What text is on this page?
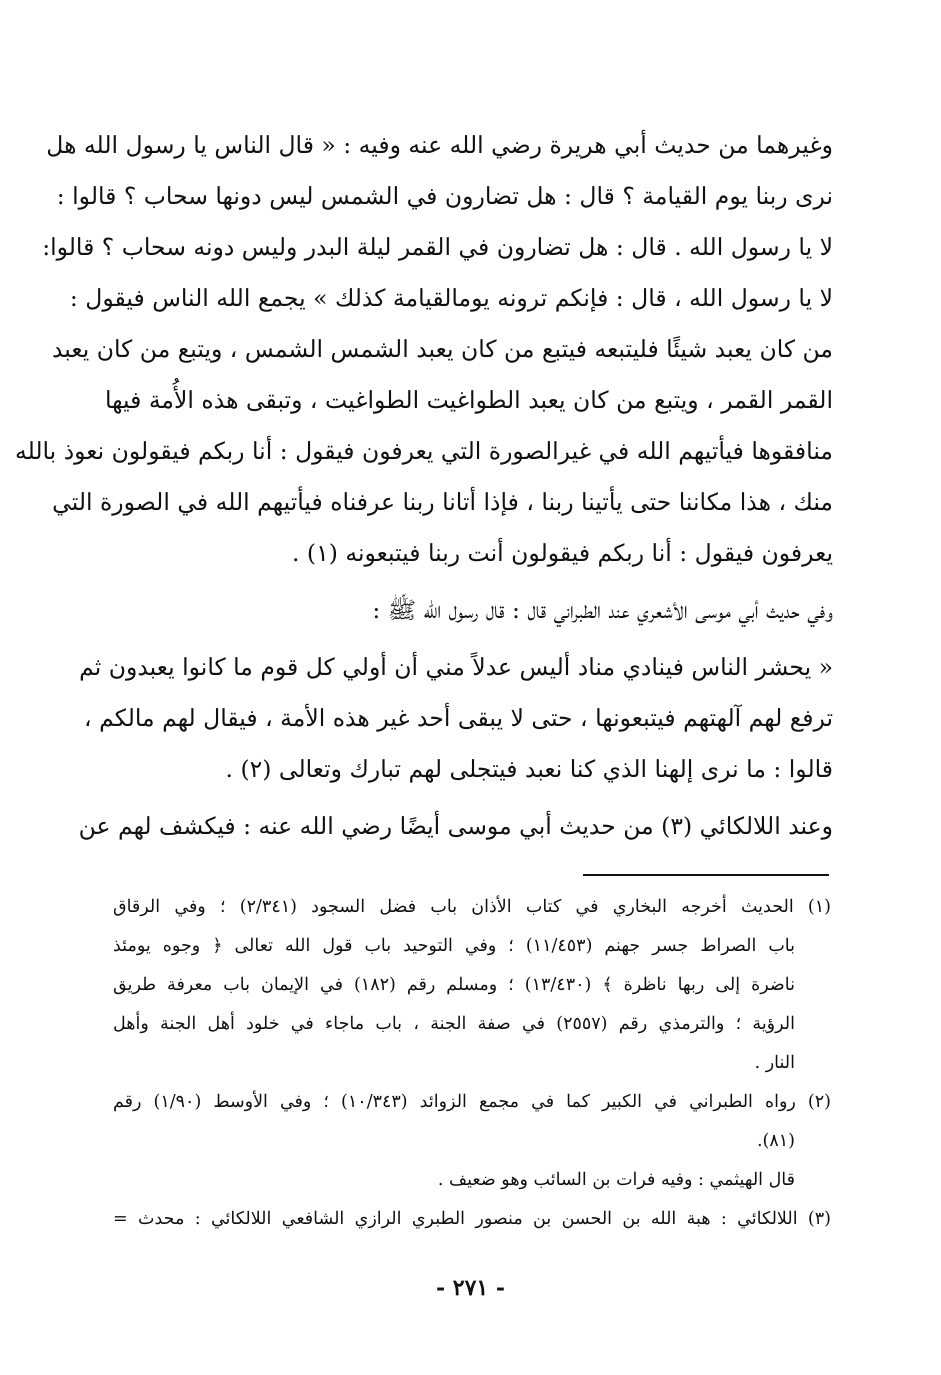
وغيرهما من حديث أبي هريرة رضي الله عنه وفيه : « قال الناس يا رسول الله هل
نرى ربنا يوم القيامة ؟ قال : هل تضارون في الشمس ليس دونها سحاب ؟ قالوا :
لا يا رسول الله . قال : هل تضارون في القمر ليلة البدر وليس دونه سحاب ؟ قالوا:
لا يا رسول الله ، قال : فإنكم ترونه يومالقيامة كذلك » يجمع الله الناس فيقول :
من كان يعبد شيئًا فليتبعه فيتبع من كان يعبد الشمس الشمس ، ويتبع من كان يعبد
القمر القمر ، ويتبع من كان يعبد الطواغيت الطواغيت ، وتبقى هذه الأُمة فيها
منافقوها فيأتيهم الله في غيرالصورة التي يعرفون فيقول : أنا ربكم فيقولون نعوذ بالله
منك ، هذا مكاننا حتى يأتينا ربنا ، فإذا أتانا ربنا عرفناه فيأتيهم الله في الصورة التي
يعرفون فيقول : أنا ربكم فيقولون أنت ربنا فيتبعونه (١) .
وفي حديث أبي موسى الأشعري عند الطبراني قال : قال رسول الله ﷺ :
« يحشر الناس فينادي مناد أليس عدلاً مني أن أولي كل قوم ما كانوا يعبدون ثم
ترفع لهم آلهتهم فيتبعونها ، حتى لا يبقى أحد غير هذه الأمة ، فيقال لهم مالكم ،
قالوا : ما نرى إلهنا الذي كنا نعبد فيتجلى لهم تبارك وتعالى (٢) .
وعند اللالكائي (٣) من حديث أبي موسى أيضًا رضي الله عنه : فيكشف لهم عن
(١) الحديث أخرجه البخاري في كتاب الأذان باب فضل السجود (٢/٣٤١) ؛ وفي الرقاق
باب الصراط جسر جهنم (١١/٤٥٣) ؛ وفي التوحيد باب قول الله تعالى ﴿ وجوه يومئذ
ناضرة إلى ربها ناظرة ﴾ (١٣/٤٣٠) ؛ ومسلم رقم (١٨٢) في الإيمان باب معرفة طريق
الرؤية ؛ والترمذي رقم (٢٥٥٧) في صفة الجنة ، باب ماجاء في خلود أهل الجنة وأهل
النار .
(٢) رواه الطبراني في الكبير كما في مجمع الزوائد (١٠/٣٤٣) ؛ وفي الأوسط (١/٩٠) رقم
(٨١).
قال الهيثمي : وفيه فرات بن السائب وهو ضعيف .
(٣) اللالكائي : هبة الله بن الحسن بن منصور الطبري الرازي الشافعي اللالكائي : محدث =
- ٢٧١ -
